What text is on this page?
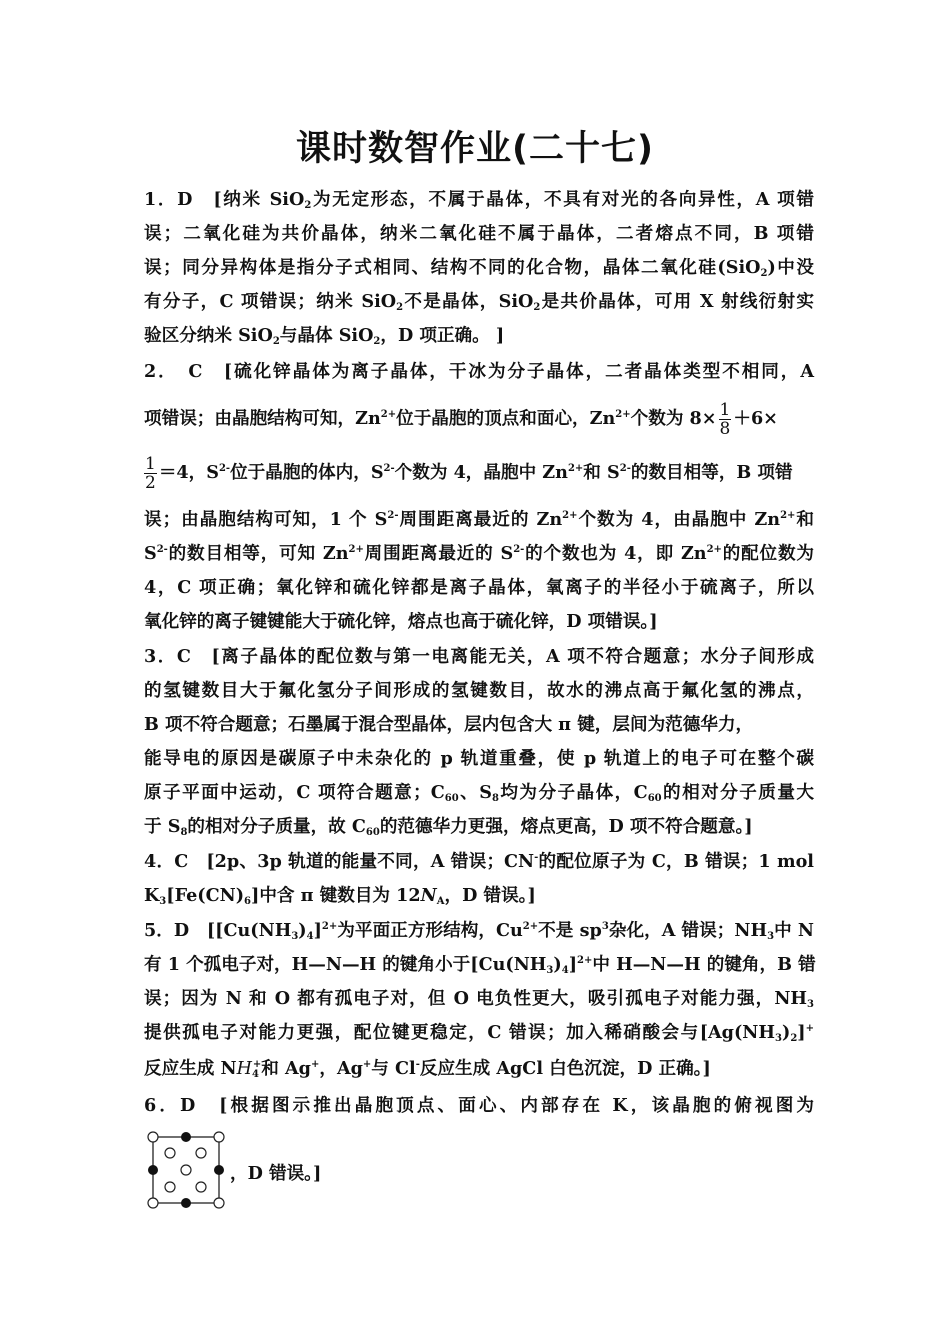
课时数智作业(二十七)
1．D　[纳米 SiO$_2$为无定形态，不属于晶体，不具有对光的各向异性，A 项错
误；二氧化硅为共价晶体，纳米二氧化硅不属于晶体，二者熔点不同，B 项错
误；同分异构体是指分子式相同、结构不同的化合物，晶体二氧化硅(SiO$_2$)中没
有分子，C 项错误；纳米 SiO$_2$不是晶体，SiO$_2$是共价晶体，可用 X 射线衍射实
验区分纳米 SiO$_2$与晶体 SiO$_2$，D 项正确。 ]
2．　C　[硫化锌晶体为离子晶体，干冰为分子晶体，二者晶体类型不相同，A
项错误；由晶胞结构可知，$Zn^{2+}$位于晶胞的顶点和面心，$Zn^{2+}$个数为 $8\times \frac{1}{8} +6\times$
$\frac{1}{2} =4$，$S^{2-}$位于晶胞的体内，$S^{2-}$个数为 4，晶胞中 $Zn^{2+}$和 $S^{2-}$的数目相等，B 项错
误；由晶胞结构可知，1 个 $S^{2-}$周围距离最近的 $Zn^{2+}$个数为 4，由晶胞中 $Zn^{2+}$和
$S^{2-}$的数目相等，可知 $Zn^{2+}$周围距离最近的 $S^{2-}$的个数也为 4，即 $Zn^{2+}$的配位数为
4，C 项正确；氧化锌和硫化锌都是离子晶体，氧离子的半径小于硫离子，所以
氧化锌的离子键键能大于硫化锌，熔点也高于硫化锌，D 项错误。]
3．C　[离子晶体的配位数与第一电离能无关，A 项不符合题意；水分子间形成
的氢键数目大于氟化氢分子间形成的氢键数目，故水的沸点高于氟化氢的沸点，
B 项不符合题意；石墨属于混合型晶体，层内包含大 π 键，层间为范德华力，
能导电的原因是碳原子中未杂化的 p 轨道重叠，使 p 轨道上的电子可在整个碳
原子平面中运动，C 项符合题意；$C_{60}$、$S_8$均为分子晶体，$C_{60}$的相对分子质量大
于 $S_8$的相对分子质量，故 $C_{60}$的范德华力更强，熔点更高，D 项不符合题意。]
4．C　[2p、3p 轨道的能量不同，A 错误；CN-的配位原子为 C，B 错误；1 mol
$K_3[Fe(CN)_6]$中含 π 键数目为 $12N_A$，D 错误。]
5．D　[$[Cu(NH_3)_4]^{2+}$为平面正方形结构，$Cu^{2+}$不是 $sp^3$杂化，A 错误；$NH_3$中 N
有 1 个孤电子对，H—N—H 的键角小于$[Cu(NH_3)_4]^{2+}$中 H—N—H 的键角，B 错
误；因为 N 和 O 都有孤电子对，但 O 电负性更大，吸引孤电子对能力强，$NH_3$
提供孤电子对能力更强，配位键更稳定，C 错误；加入稀硝酸会与$[Ag(NH_3)_2]^+$
反应生成 $NH_4^+$和 Ag+，Ag+与 Cl-反应生成 AgCl 白色沉淀，D 正确。]
6．D　[根据图示推出晶胞顶点、面心、内部存在 K，该晶胞的俯视图为
，D 错误。]
